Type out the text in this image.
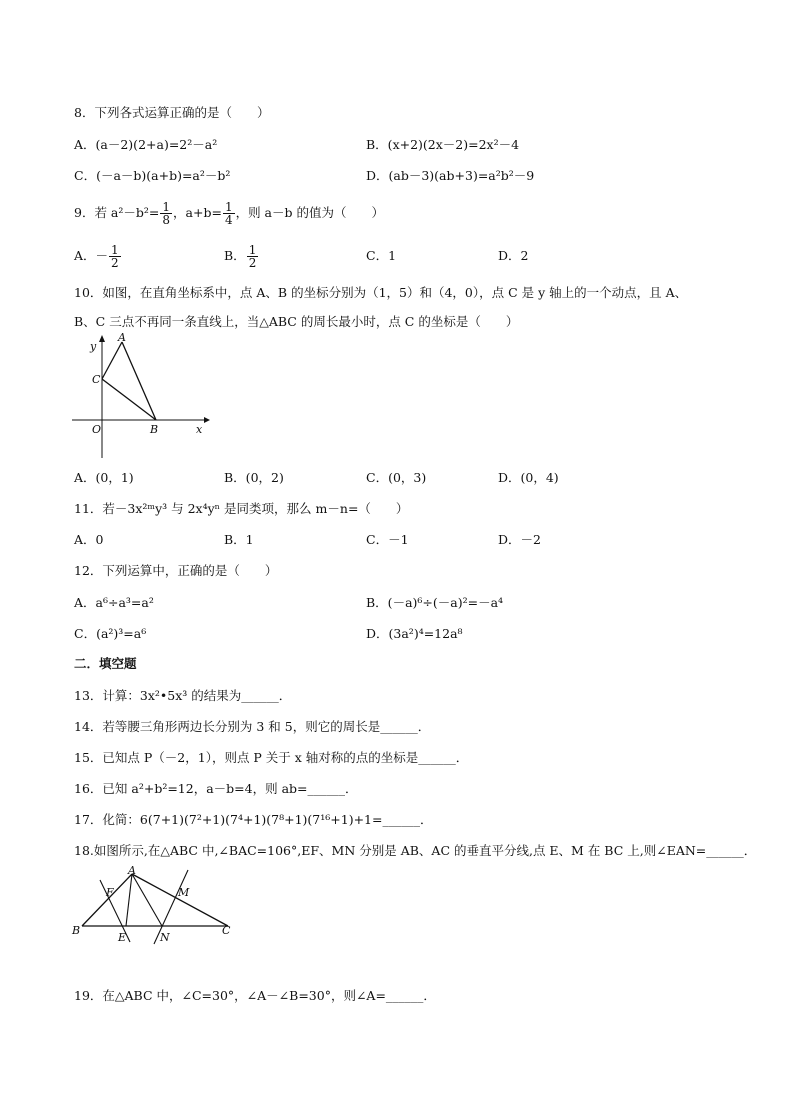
8．下列各式运算正确的是（　　）
A．(a－2)(2+a)=2²－a²	B．(x+2)(2x－2)=2x²－4
C．(－a－b)(a+b)=a²－b²	D．(ab－3)(ab+3)=a²b²－9
9．若 $a^2-b^2= \frac{1}{8}$ ，$a+b= \frac{1}{4}$ ，则 a－b 的值为（　　）
A．－ $\frac{1}{2}$	B． $\frac{1}{2}$	C．1	D．2
10．如图，在直角坐标系中，点 A、B 的坐标分别为（1，5）和（4，0），点 C 是 y 轴上的一个动点，且 A、
B、C 三点不再同一条直线上，当△ABC 的周长最小时，点 C 的坐标是（　　）
y
A
C
O	B	x
A．(0，1)	B．(0，2)	C．(0，3)	D．(0，4)
11．若－3x²ᵐy³ 与 2x⁴yⁿ 是同类项，那么 m－n=（　　）
A．0	B．1	C．－1	D．－2
12．下列运算中，正确的是（　　）
A．a⁶÷a³=a²	B．(－a)⁶÷(－a)²=－a⁴
C．(a²)³=a⁶	D．(3a²)⁴=12a⁸
二．填空题
13．计算：3x²•5x³ 的结果为______．
14．若等腰三角形两边长分别为 3 和 5，则它的周长是______．
15．已知点 P（－2，1），则点 P 关于 x 轴对称的点的坐标是______．
16．已知 a²+b²=12，a－b=4，则 ab=______．
17．化简：6(7+1)(7²+1)(7⁴+1)(7⁸+1)(7¹⁶+1)+1=______．
18.如图所示,在△ABC 中,∠BAC=106°,EF、MN 分别是 AB、AC 的垂直平分线,点 E、M 在 BC 上,则∠EAN=______．
A
F	M
B
E	N
C
19．在△ABC 中，∠C=30°，∠A－∠B=30°，则∠A=______．
